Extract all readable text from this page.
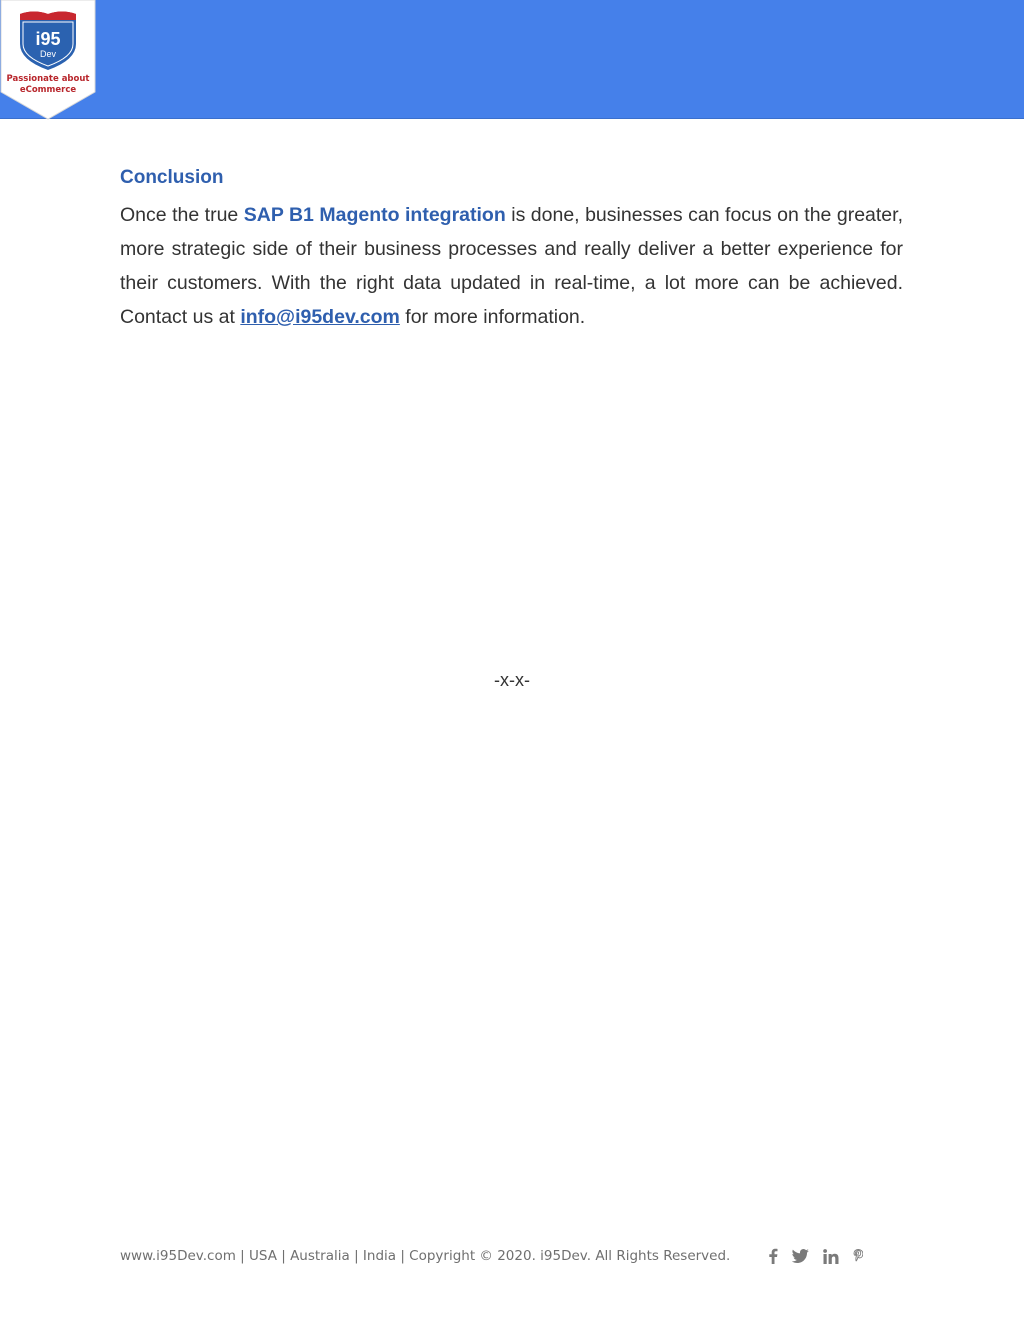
i95
Dev
Passionate about
eCommerce
Conclusion

Once the true SAP B1 Magento integration is done, businesses can focus on the greater, more strategic side of their business processes and really deliver a better experience for their customers. With the right data updated in real-time, a lot more can be achieved. Contact us at info@i95dev.com for more information.

-x-x-
www.i95Dev.com | USA | Australia | India | Copyright © 2020. i95Dev. All Rights Reserved.
